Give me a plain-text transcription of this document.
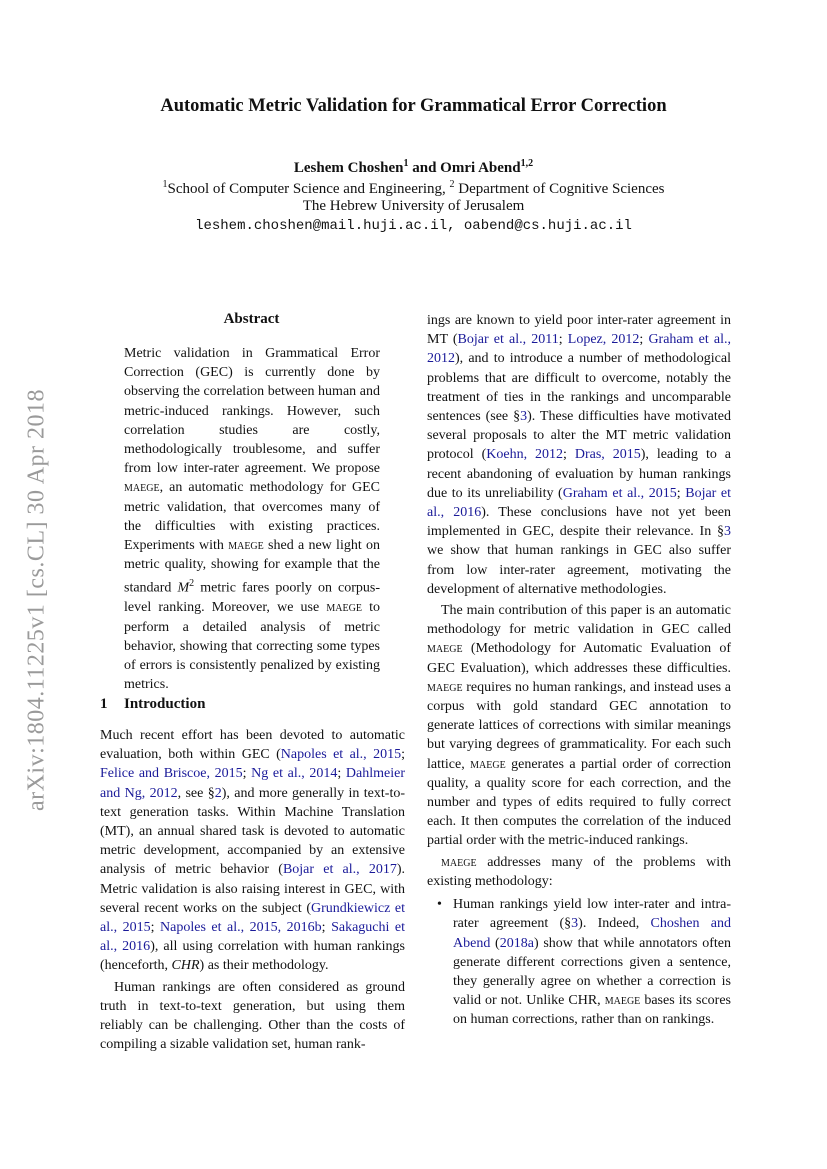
arXiv:1804.11225v1 [cs.CL] 30 Apr 2018
Automatic Metric Validation for Grammatical Error Correction
Leshem Choshen$^1$ and Omri Abend$^{1,2}$
$^1$School of Computer Science and Engineering, $^2$ Department of Cognitive Sciences
The Hebrew University of Jerusalem
leshem.choshen@mail.huji.ac.il, oabend@cs.huji.ac.il
Abstract
Metric validation in Grammatical Error Correction (GEC) is currently done by observing the correlation between human and metric-induced rankings. However, such correlation studies are costly, methodologically troublesome, and suffer from low inter-rater agreement. We propose maege, an automatic methodology for GEC metric validation, that overcomes many of the difficulties with existing practices. Experiments with maege shed a new light on metric quality, showing for example that the standard $M^2$ metric fares poorly on corpus-level ranking. Moreover, we use maege to perform a detailed analysis of metric behavior, showing that correcting some types of errors is consistently penalized by existing metrics.
1 Introduction

Much recent effort has been devoted to automatic evaluation, both within GEC (Napoles et al., 2015; Felice and Briscoe, 2015; Ng et al., 2014; Dahlmeier and Ng, 2012, see §2), and more generally in text-to-text generation tasks. Within Machine Translation (MT), an annual shared task is devoted to automatic metric development, accompanied by an extensive analysis of metric behavior (Bojar et al., 2017). Metric validation is also raising interest in GEC, with several recent works on the subject (Grundkiewicz et al., 2015; Napoles et al., 2015, 2016b; Sakaguchi et al., 2016), all using correlation with human rankings (henceforth, CHR) as their methodology.

Human rankings are often considered as ground truth in text-to-text generation, but using them reliably can be challenging. Other than the costs of compiling a sizable validation set, human rank-

ings are known to yield poor inter-rater agreement in MT (Bojar et al., 2011; Lopez, 2012; Graham et al., 2012), and to introduce a number of methodological problems that are difficult to overcome, notably the treatment of ties in the rankings and uncomparable sentences (see §3). These difficulties have motivated several proposals to alter the MT metric validation protocol (Koehn, 2012; Dras, 2015), leading to a recent abandoning of evaluation by human rankings due to its unreliability (Graham et al., 2015; Bojar et al., 2016). These conclusions have not yet been implemented in GEC, despite their relevance. In §3 we show that human rankings in GEC also suffer from low inter-rater agreement, motivating the development of alternative methodologies.

The main contribution of this paper is an automatic methodology for metric validation in GEC called maege (Methodology for Automatic Evaluation of GEC Evaluation), which addresses these difficulties. maege requires no human rankings, and instead uses a corpus with gold standard GEC annotation to generate lattices of corrections with similar meanings but varying degrees of grammaticality. For each such lattice, maege generates a partial order of correction quality, a quality score for each correction, and the number and types of edits required to fully correct each. It then computes the correlation of the induced partial order with the metric-induced rankings.

maege addresses many of the problems with existing methodology:

• Human rankings yield low inter-rater and intra-rater agreement (§3). Indeed, Choshen and Abend (2018a) show that while annotators often generate different corrections given a sentence, they generally agree on whether a correction is valid or not. Unlike CHR, maege bases its scores on human corrections, rather than on rankings.
